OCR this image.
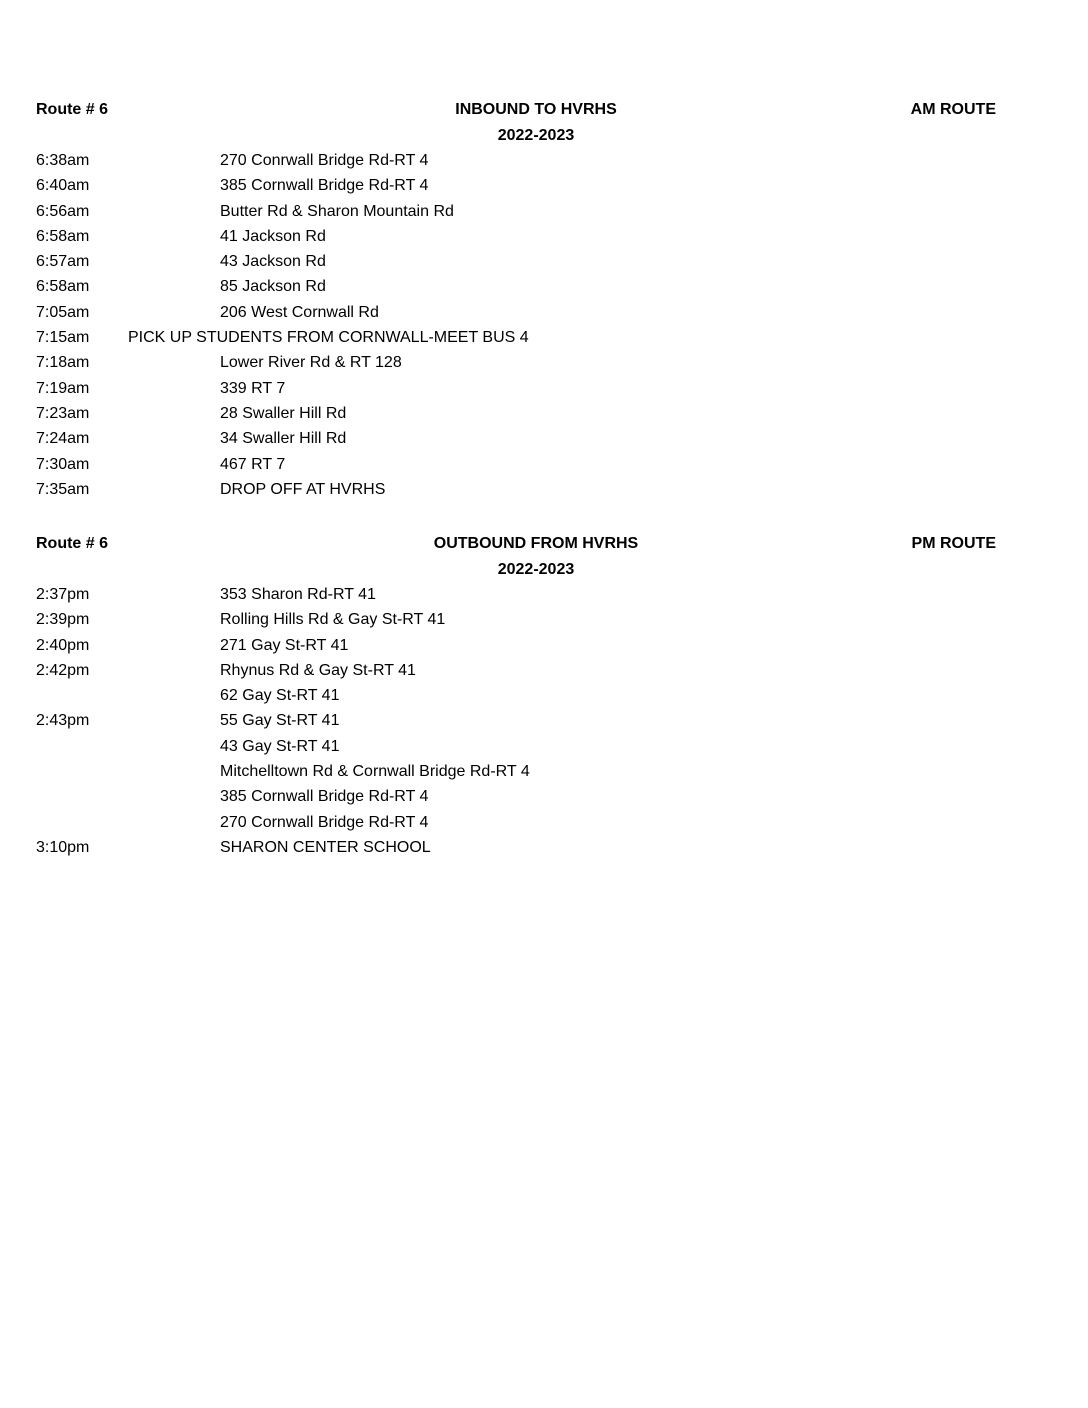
Route # 6	INBOUND TO HVRHS	AM ROUTE
2022-2023
6:38am	270 Conrwall Bridge Rd-RT 4
6:40am	385 Cornwall Bridge Rd-RT 4
6:56am	Butter Rd & Sharon Mountain Rd
6:58am	41 Jackson Rd
6:57am	43 Jackson Rd
6:58am	85 Jackson Rd
7:05am	206 West Cornwall Rd
7:15am PICK UP STUDENTS FROM CORNWALL-MEET BUS 4
7:18am	Lower River Rd & RT 128
7:19am	339 RT 7
7:23am	28 Swaller Hill Rd
7:24am	34 Swaller Hill Rd
7:30am	467 RT 7
7:35am	DROP OFF AT HVRHS
Route # 6	OUTBOUND FROM HVRHS	PM ROUTE
2022-2023
2:37pm	353 Sharon Rd-RT 41
2:39pm	Rolling Hills Rd & Gay St-RT 41
2:40pm	271 Gay St-RT 41
2:42pm	Rhynus Rd & Gay St-RT 41
62 Gay St-RT 41
2:43pm	55 Gay St-RT 41
43 Gay St-RT 41
Mitchelltown Rd & Cornwall Bridge Rd-RT 4
385 Cornwall Bridge Rd-RT 4
270 Cornwall Bridge Rd-RT 4
3:10pm	SHARON CENTER SCHOOL
